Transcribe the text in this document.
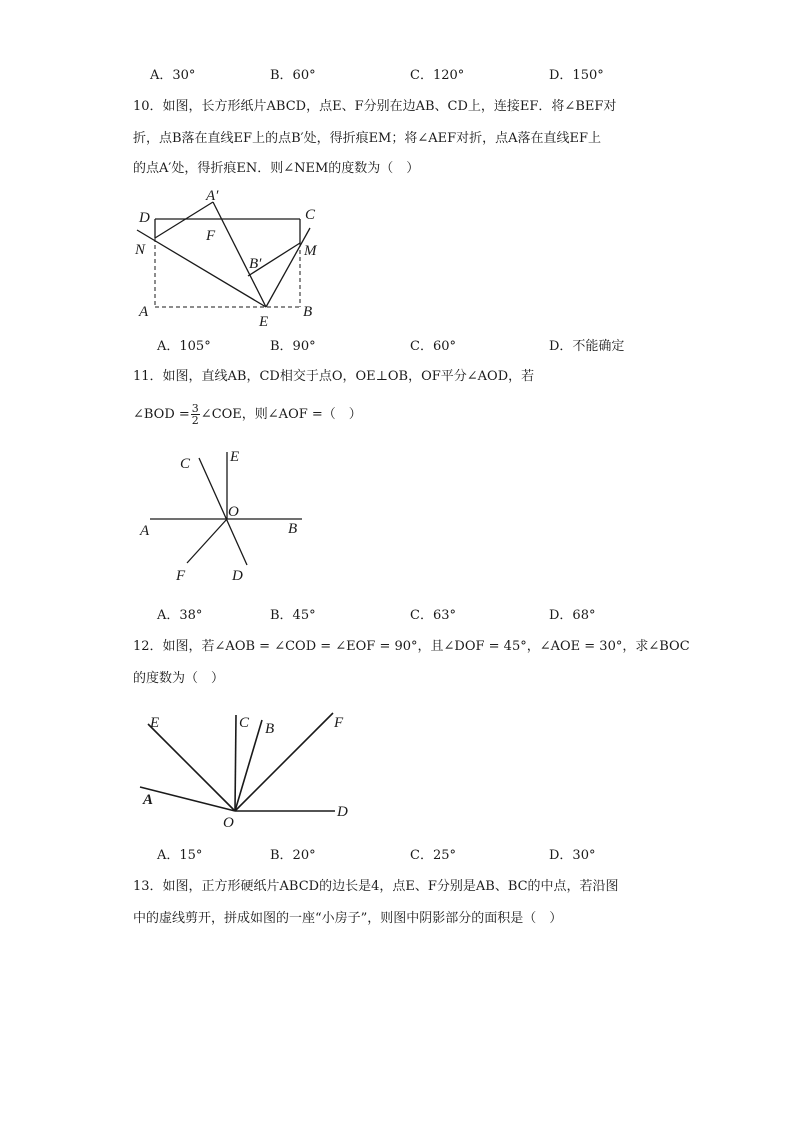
A．30°	B．60°	C．120°	D．150°
10．如图，长方形纸片ABCD，点E、F分别在边AB、CD上，连接EF．将∠BEF对
折，点B落在直线EF上的点B′处，得折痕EM；将∠AEF对折，点A落在直线EF上
的点A′处，得折痕EN．则∠NEM的度数为（　）
D	C
A′
F
N	M
B′
A
E
B
A．105°	B．90°	C．60°	D．不能确定
11．如图，直线AB，CD相交于点O，OE⊥OB，OF平分∠AOD，若
∠BOD = $\frac{3}{2}$ ∠COE，则∠AOF =（　）
C	E
O
A	B
F	D
A．38°	B．45°	C．63°	D．68°
12．如图，若∠AOB = ∠COD = ∠EOF = 90°，且∠DOF = 45°，∠AOE = 30°，求∠BOC
的度数为（　）
E	C B	F
A
O
D
A．15°	B．20°	C．25°	D．30°
13．如图，正方形硬纸片ABCD的边长是4，点E、F分别是AB、BC的中点，若沿图
中的虚线剪开，拼成如图的一座“小房子”，则图中阴影部分的面积是（　）
